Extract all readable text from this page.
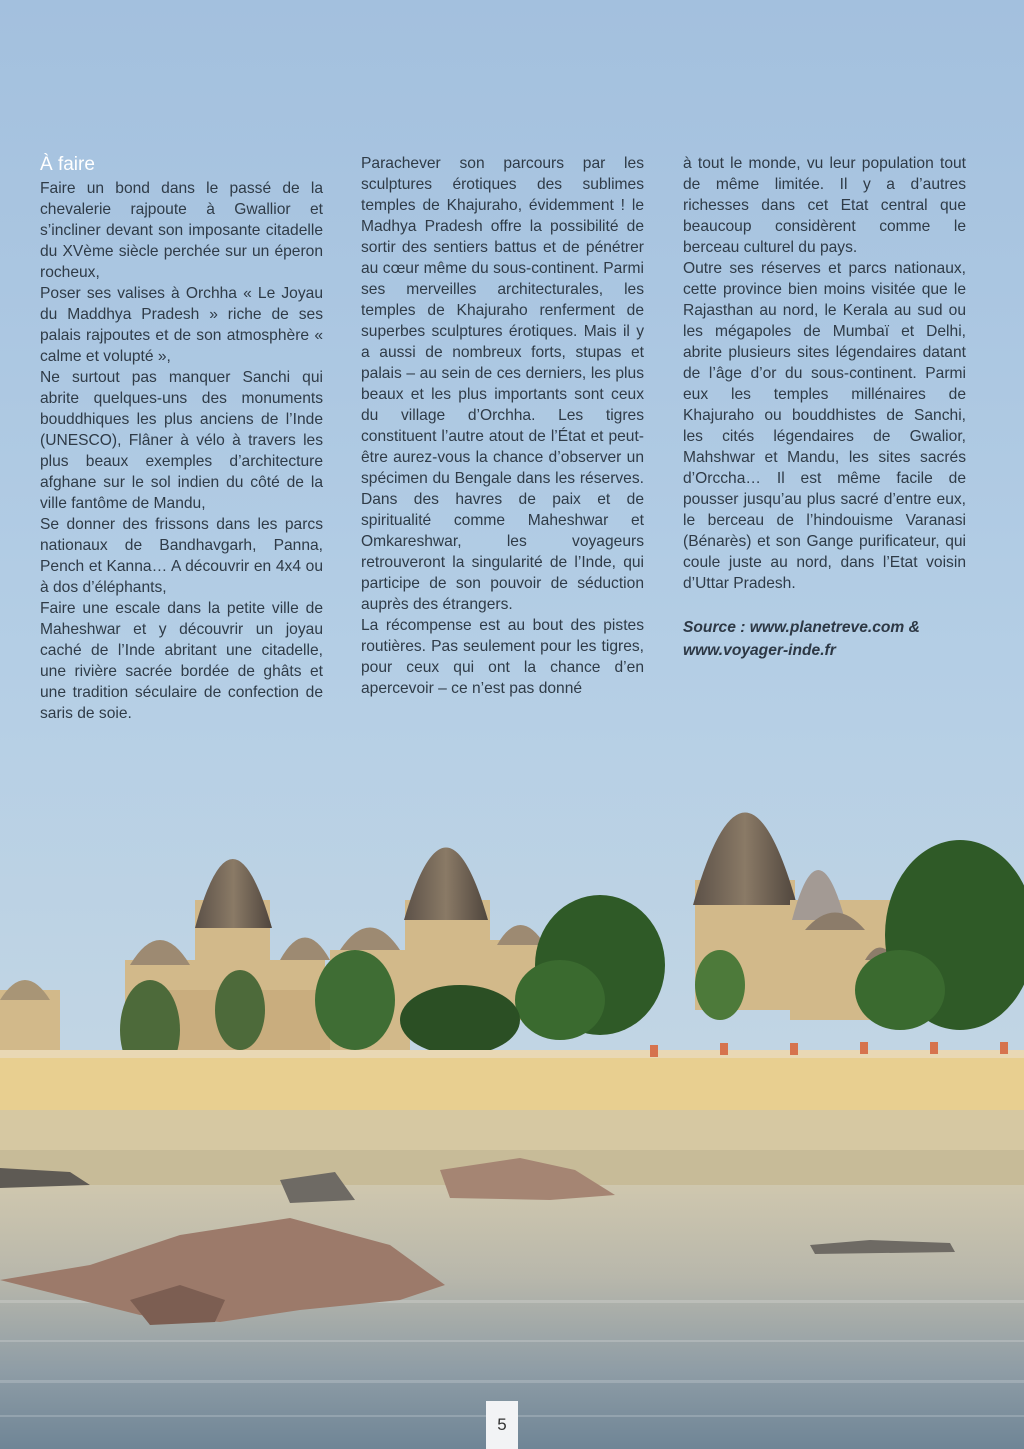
À faire

Faire un bond dans le passé de la chevalerie rajpoute à Gwallior et s’incliner devant son imposante citadelle du XVème siècle perchée sur un éperon rocheux,

Poser ses valises à Orchha « Le Joyau du Maddhya Pradesh » riche de ses palais rajpoutes et de son atmosphère « calme et volupté »,

Ne surtout pas manquer Sanchi qui abrite quelques-uns des monuments bouddhiques les plus anciens de l’Inde (UNESCO), Flâner à vélo à travers les plus beaux exemples d’architecture afghane sur le sol indien du côté de la ville fantôme de Mandu,

Se donner des frissons dans les parcs nationaux de Bandhavgarh, Panna, Pench et Kanna… A découvrir en 4x4 ou à dos d’éléphants,

Faire une escale dans la petite ville de Maheshwar et y découvrir un joyau caché de l’Inde abritant une citadelle, une rivière sacrée bordée de ghâts et une tradition séculaire de confection de saris de soie.

Parachever son parcours par les sculptures érotiques des sublimes temples de Khajuraho, évidemment ! le Madhya Pradesh offre la possibilité de sortir des sentiers battus et de pénétrer au cœur même du sous-continent. Parmi ses merveilles architecturales, les temples de Khajuraho renferment de superbes sculptures érotiques. Mais il y a aussi de nombreux forts, stupas et palais – au sein de ces derniers, les plus beaux et les plus importants sont ceux du village d’Orchha. Les tigres constituent l’autre atout de l’État et peut-être aurez-vous la chance d’observer un spécimen du Bengale dans les réserves. Dans des havres de paix et de spiritualité comme Maheshwar et Omkareshwar, les voyageurs retrouveront la singularité de l’Inde, qui participe de son pouvoir de séduction auprès des étrangers.

La récompense est au bout des pistes routières. Pas seulement pour les tigres, pour ceux qui ont la chance d’en apercevoir – ce n’est pas donné

à tout le monde, vu leur population tout de même limitée. Il y a d’autres richesses dans cet Etat central que beaucoup considèrent comme le berceau culturel du pays.

Outre ses réserves et parcs nationaux, cette province bien moins visitée que le Rajasthan au nord, le Kerala au sud ou les mégapoles de Mumbaï et Delhi, abrite plusieurs sites légendaires datant de l’âge d’or du sous-continent. Parmi eux les temples millénaires de Khajuraho ou bouddhistes de Sanchi, les cités légendaires de Gwalior, Mahshwar et Mandu, les sites sacrés d’Orccha… Il est même facile de pousser jusqu’au plus sacré d’entre eux, le berceau de l’hindouisme Varanasi (Bénarès) et son Gange purificateur, qui coule juste au nord, dans l’Etat voisin d’Uttar Pradesh.

Source : www.planetreve.com &
www.voyager-inde.fr

5
